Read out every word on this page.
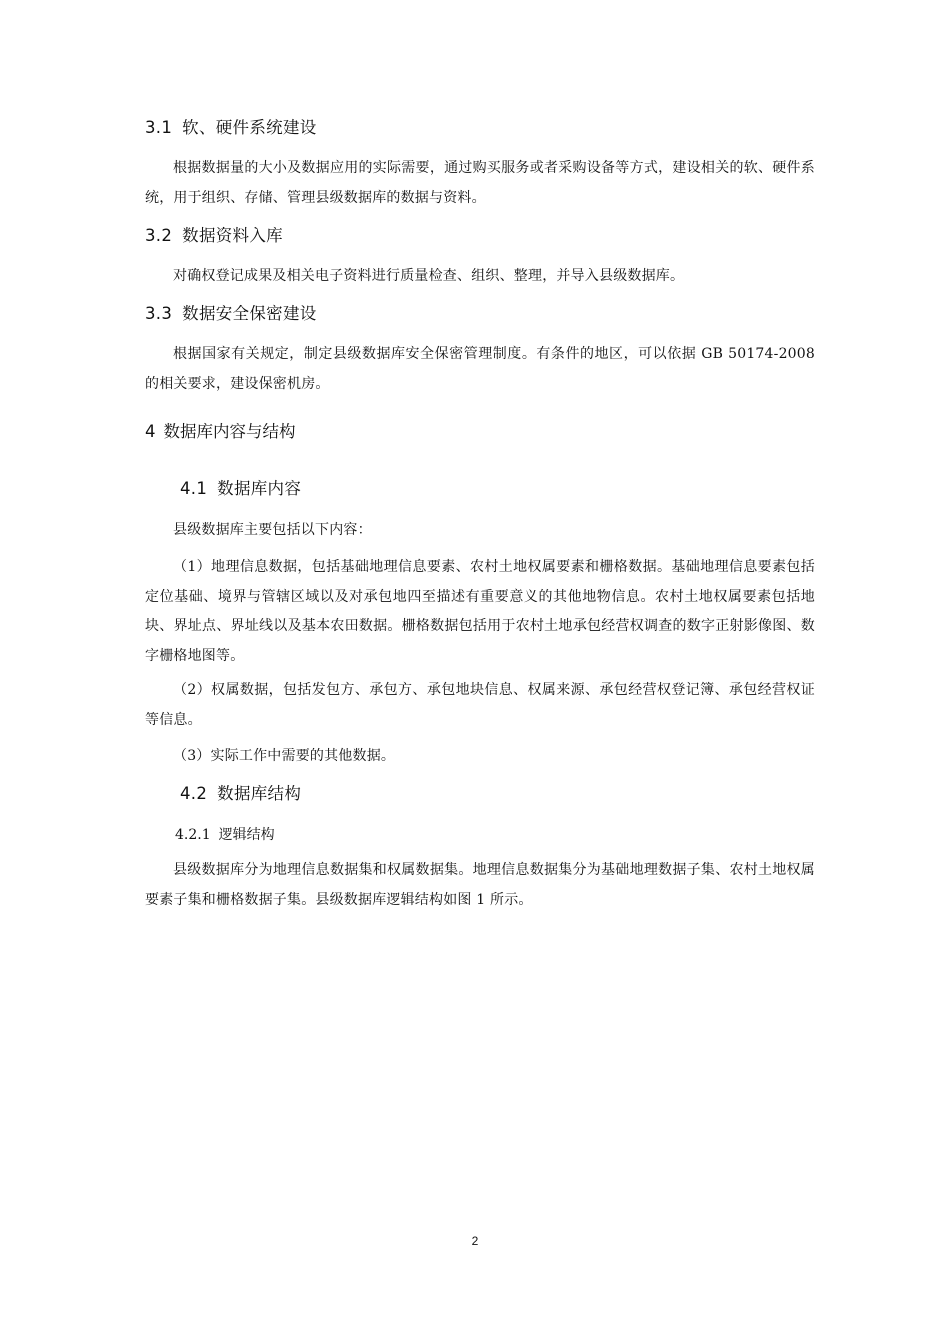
3.1 软、硬件系统建设
根据数据量的大小及数据应用的实际需要，通过购买服务或者采购设备等方式，建设相关的软、硬件系统，用于组织、存储、管理县级数据库的数据与资料。
3.2 数据资料入库
对确权登记成果及相关电子资料进行质量检查、组织、整理，并导入县级数据库。
3.3 数据安全保密建设
根据国家有关规定，制定县级数据库安全保密管理制度。有条件的地区，可以依据 GB 50174-2008 的相关要求，建设保密机房。
4 数据库内容与结构
4.1 数据库内容
县级数据库主要包括以下内容：
（1）地理信息数据，包括基础地理信息要素、农村土地权属要素和栅格数据。基础地理信息要素包括定位基础、境界与管辖区域以及对承包地四至描述有重要意义的其他地物信息。农村土地权属要素包括地块、界址点、界址线以及基本农田数据。栅格数据包括用于农村土地承包经营权调查的数字正射影像图、数字栅格地图等。
（2）权属数据，包括发包方、承包方、承包地块信息、权属来源、承包经营权登记簿、承包经营权证等信息。
（3）实际工作中需要的其他数据。
4.2 数据库结构
4.2.1 逻辑结构
县级数据库分为地理信息数据集和权属数据集。地理信息数据集分为基础地理数据子集、农村土地权属要素子集和栅格数据子集。县级数据库逻辑结构如图 1 所示。
2
